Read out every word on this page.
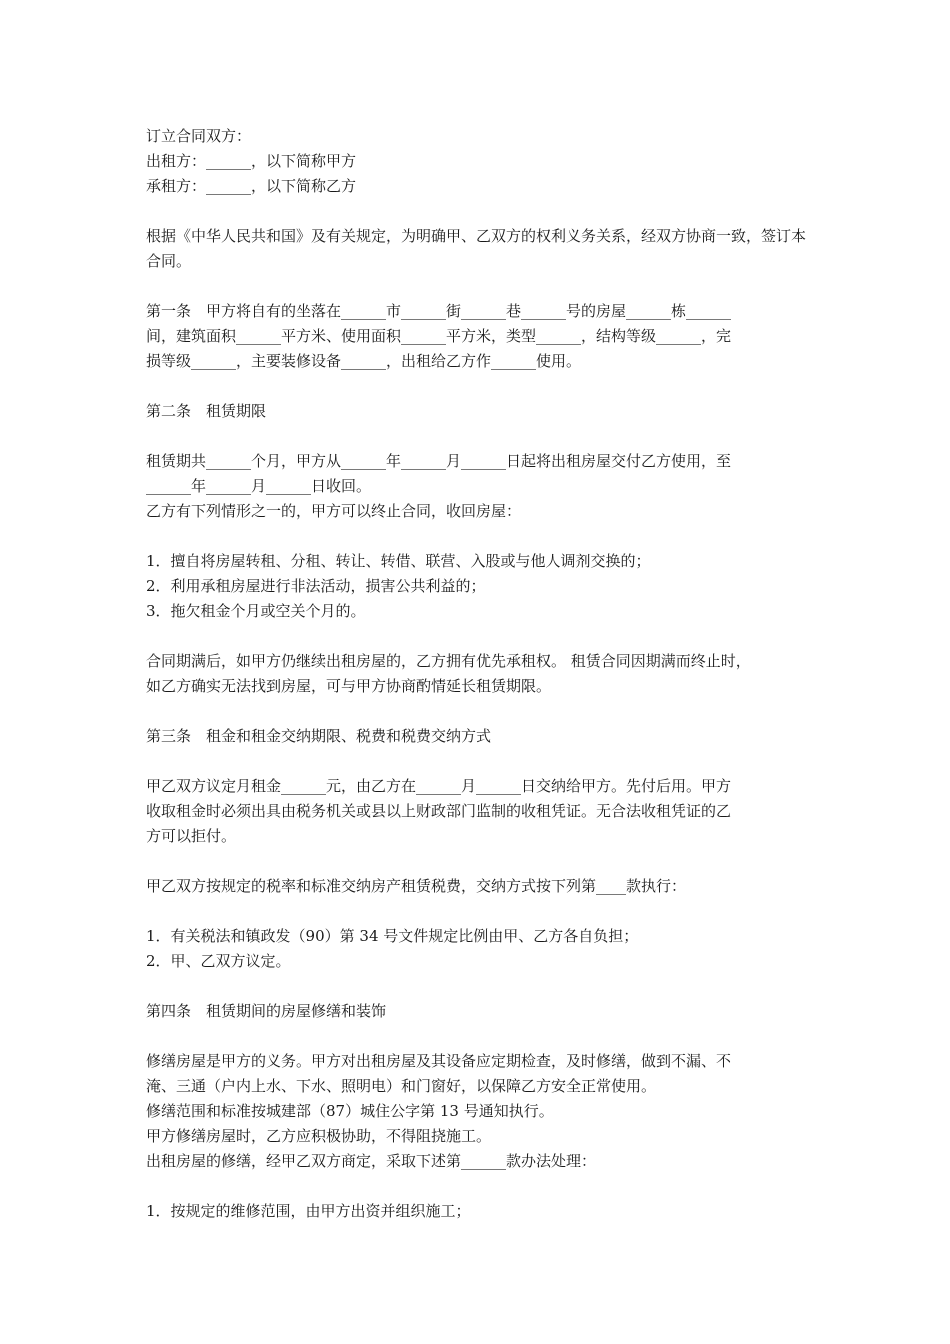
订立合同双方：
出租方：______，以下简称甲方
承租方：______，以下简称乙方
根据《中华人民共和国》及有关规定，为明确甲、乙双方的权利义务关系，经双方协商一致，签订本合同。
第一条　甲方将自有的坐落在______市______街______巷______号的房屋______栋______
间，建筑面积______平方米、使用面积______平方米，类型______，结构等级______，完
损等级______，主要装修设备______，出租给乙方作______使用。
第二条　租赁期限
租赁期共______个月，甲方从______年______月______日起将出租房屋交付乙方使用，至
______年______月______日收回。
乙方有下列情形之一的，甲方可以终止合同，收回房屋：
1．擅自将房屋转租、分租、转让、转借、联营、入股或与他人调剂交换的；
2．利用承租房屋进行非法活动，损害公共利益的；
3．拖欠租金个月或空关个月的。
合同期满后，如甲方仍继续出租房屋的，乙方拥有优先承租权。 租赁合同因期满而终止时，
如乙方确实无法找到房屋，可与甲方协商酌情延长租赁期限。
第三条　租金和租金交纳期限、税费和税费交纳方式
甲乙双方议定月租金______元，由乙方在______月______日交纳给甲方。先付后用。甲方
收取租金时必须出具由税务机关或县以上财政部门监制的收租凭证。无合法收租凭证的乙
方可以拒付。
甲乙双方按规定的税率和标准交纳房产租赁税费，交纳方式按下列第____款执行：
1．有关税法和镇政发（90）第 34 号文件规定比例由甲、乙方各自负担；
2．甲、乙双方议定。
第四条　租赁期间的房屋修缮和装饰
修缮房屋是甲方的义务。甲方对出租房屋及其设备应定期检查，及时修缮，做到不漏、不
淹、三通（户内上水、下水、照明电）和门窗好，以保障乙方安全正常使用。
修缮范围和标准按城建部（87）城住公字第 13 号通知执行。
甲方修缮房屋时，乙方应积极协助，不得阻挠施工。
出租房屋的修缮，经甲乙双方商定，采取下述第______款办法处理：
1．按规定的维修范围，由甲方出资并组织施工；
